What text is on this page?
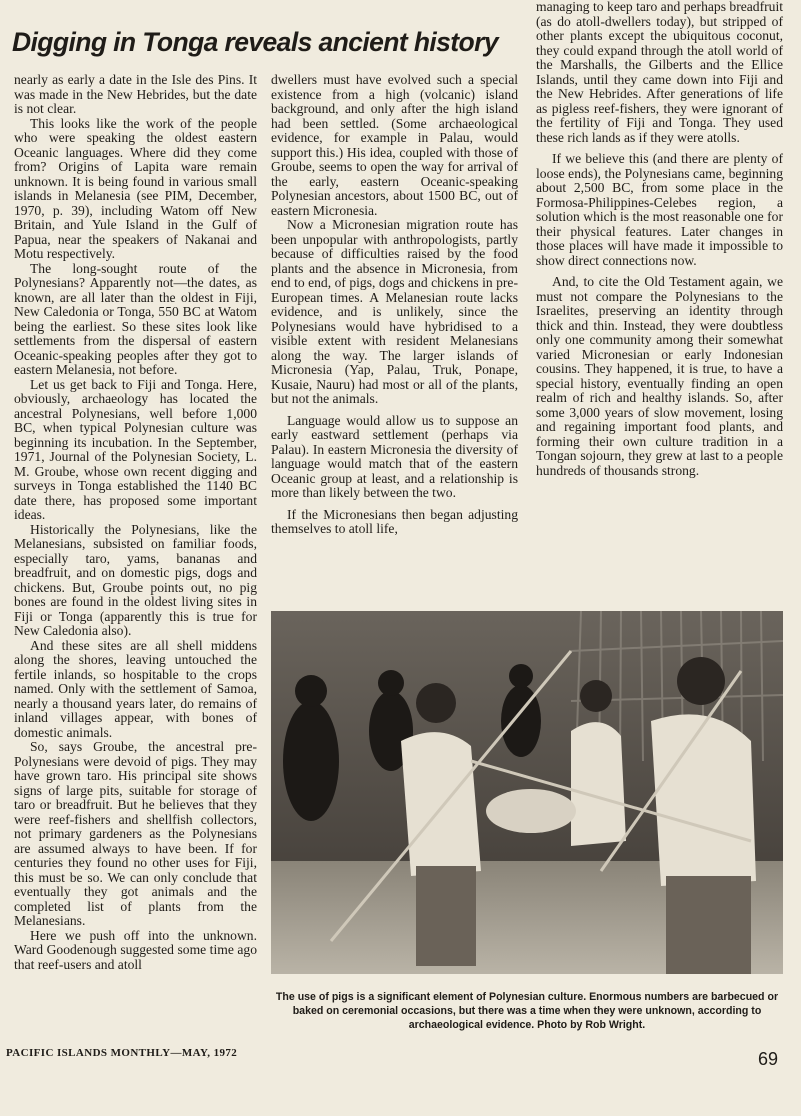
Digging in Tonga reveals ancient history

nearly as early a date in the Isle des Pins. It was made in the New Hebrides, but the date is not clear.

This looks like the work of the people who were speaking the oldest eastern Oceanic languages. Where did they come from? Origins of Lapita ware remain unknown. It is being found in various small islands in Melanesia (see PIM, December, 1970, p. 39), including Watom off New Britain, and Yule Island in the Gulf of Papua, near the speakers of Nakanai and Motu respectively.

The long-sought route of the Polynesians? Apparently not—the dates, as known, are all later than the oldest in Fiji, New Caledonia or Tonga, 550 BC at Watom being the earliest. So these sites look like settlements from the dispersal of eastern Oceanic-speaking peoples after they got to eastern Melanesia, not before.

Let us get back to Fiji and Tonga. Here, obviously, archaeology has located the ancestral Polynesians, well before 1,000 BC, when typical Polynesian culture was beginning its incubation. In the September, 1971, Journal of the Polynesian Society, L. M. Groube, whose own recent digging and surveys in Tonga established the 1140 BC date there, has proposed some important ideas.

Historically the Polynesians, like the Melanesians, subsisted on familiar foods, especially taro, yams, bananas and breadfruit, and on domestic pigs, dogs and chickens. But, Groube points out, no pig bones are found in the oldest living sites in Fiji or Tonga (apparently this is true for New Caledonia also).

And these sites are all shell middens along the shores, leaving untouched the fertile inlands, so hospitable to the crops named. Only with the settlement of Samoa, nearly a thousand years later, do remains of inland villages appear, with bones of domestic animals.

So, says Groube, the ancestral pre-Polynesians were devoid of pigs. They may have grown taro. His principal site shows signs of large pits, suitable for storage of taro or breadfruit. But he believes that they were reef-fishers and shellfish collectors, not primary gardeners as the Polynesians are assumed always to have been. If for centuries they found no other uses for Fiji, this must be so. We can only conclude that eventually they got animals and the completed list of plants from the Melanesians.

Here we push off into the unknown. Ward Goodenough suggested some time ago that reef-users and atoll

dwellers must have evolved such a special existence from a high (volcanic) island background, and only after the high island had been settled. (Some archaeological evidence, for example in Palau, would support this.) His idea, coupled with those of Groube, seems to open the way for arrival of the early, eastern Oceanic-speaking Polynesian ancestors, about 1500 BC, out of eastern Micronesia.

Now a Micronesian migration route has been unpopular with anthropologists, partly because of difficulties raised by the food plants and the absence in Micronesia, from end to end, of pigs, dogs and chickens in pre-European times. A Melanesian route lacks evidence, and is unlikely, since the Polynesians would have hybridised to a visible extent with resident Melanesians along the way. The larger islands of Micronesia (Yap, Palau, Truk, Ponape, Kusaie, Nauru) had most or all of the plants, but not the animals.

Language would allow us to suppose an early eastward settlement (perhaps via Palau). In eastern Micronesia the diversity of language would match that of the eastern Oceanic group at least, and a relationship is more than likely between the two.

If the Micronesians then began adjusting themselves to atoll life,

managing to keep taro and perhaps breadfruit (as do atoll-dwellers today), but stripped of other plants except the ubiquitous coconut, they could expand through the atoll world of the Marshalls, the Gilberts and the Ellice Islands, until they came down into Fiji and the New Hebrides. After generations of life as pigless reef-fishers, they were ignorant of the fertility of Fiji and Tonga. They used these rich lands as if they were atolls.

If we believe this (and there are plenty of loose ends), the Polynesians came, beginning about 2,500 BC, from some place in the Formosa-Philippines-Celebes region, a solution which is the most reasonable one for their physical features. Later changes in those places will have made it impossible to show direct connections now.

And, to cite the Old Testament again, we must not compare the Polynesians to the Israelites, preserving an identity through thick and thin. Instead, they were doubtless only one community among their somewhat varied Micronesian or early Indonesian cousins. They happened, it is true, to have a special history, eventually finding an open realm of rich and healthy islands. So, after some 3,000 years of slow movement, losing and regaining important food plants, and forming their own culture tradition in a Tongan sojourn, they grew at last to a people hundreds of thousands strong.

The use of pigs is a significant element of Polynesian culture. Enormous numbers are barbecued or baked on ceremonial occasions, but there was a time when they were unknown, according to archaeological evidence. Photo by Rob Wright.

PACIFIC ISLANDS MONTHLY—MAY, 1972	69
